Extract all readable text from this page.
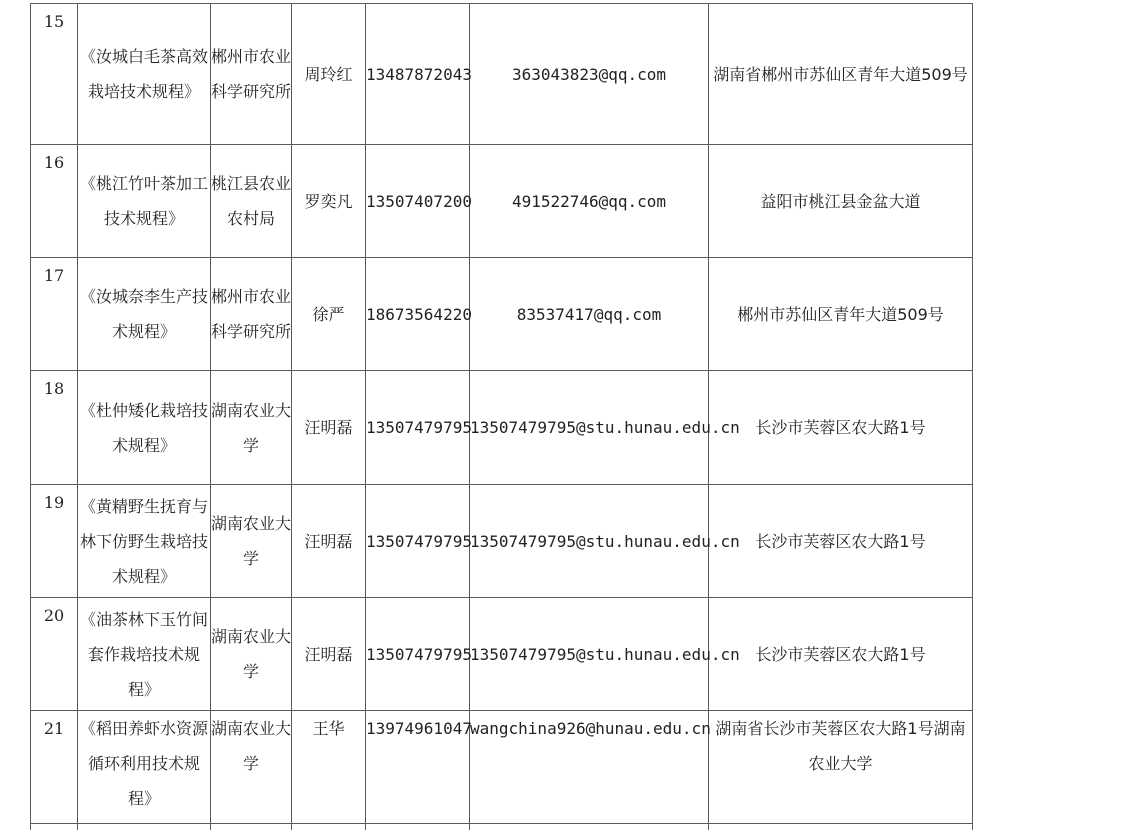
15	《汝城白毛茶高效栽培技术规程》	郴州市农业科学研究所	周玲红	13487872043	363043823@qq.com	湖南省郴州市苏仙区青年大道509号
16	《桃江竹叶茶加工技术规程》	桃江县农业农村局	罗奕凡	13507407200	491522746@qq.com	益阳市桃江县金盆大道
17	《汝城奈李生产技术规程》	郴州市农业科学研究所	徐严	18673564220	83537417@qq.com	郴州市苏仙区青年大道509号
18	《杜仲矮化栽培技术规程》	湖南农业大学	汪明磊	13507479795	13507479795@stu.hunau.edu.cn	长沙市芙蓉区农大路1号
19	《黄精野生抚育与林下仿野生栽培技术规程》	湖南农业大学	汪明磊	13507479795	13507479795@stu.hunau.edu.cn	长沙市芙蓉区农大路1号
20	《油茶林下玉竹间套作栽培技术规程》	湖南农业大学	汪明磊	13507479795	13507479795@stu.hunau.edu.cn	长沙市芙蓉区农大路1号
21	《稻田养虾水资源循环利用技术规程》	湖南农业大学	王华	13974961047	wangchina926@hunau.edu.cn	湖南省长沙市芙蓉区农大路1号湖南农业大学
